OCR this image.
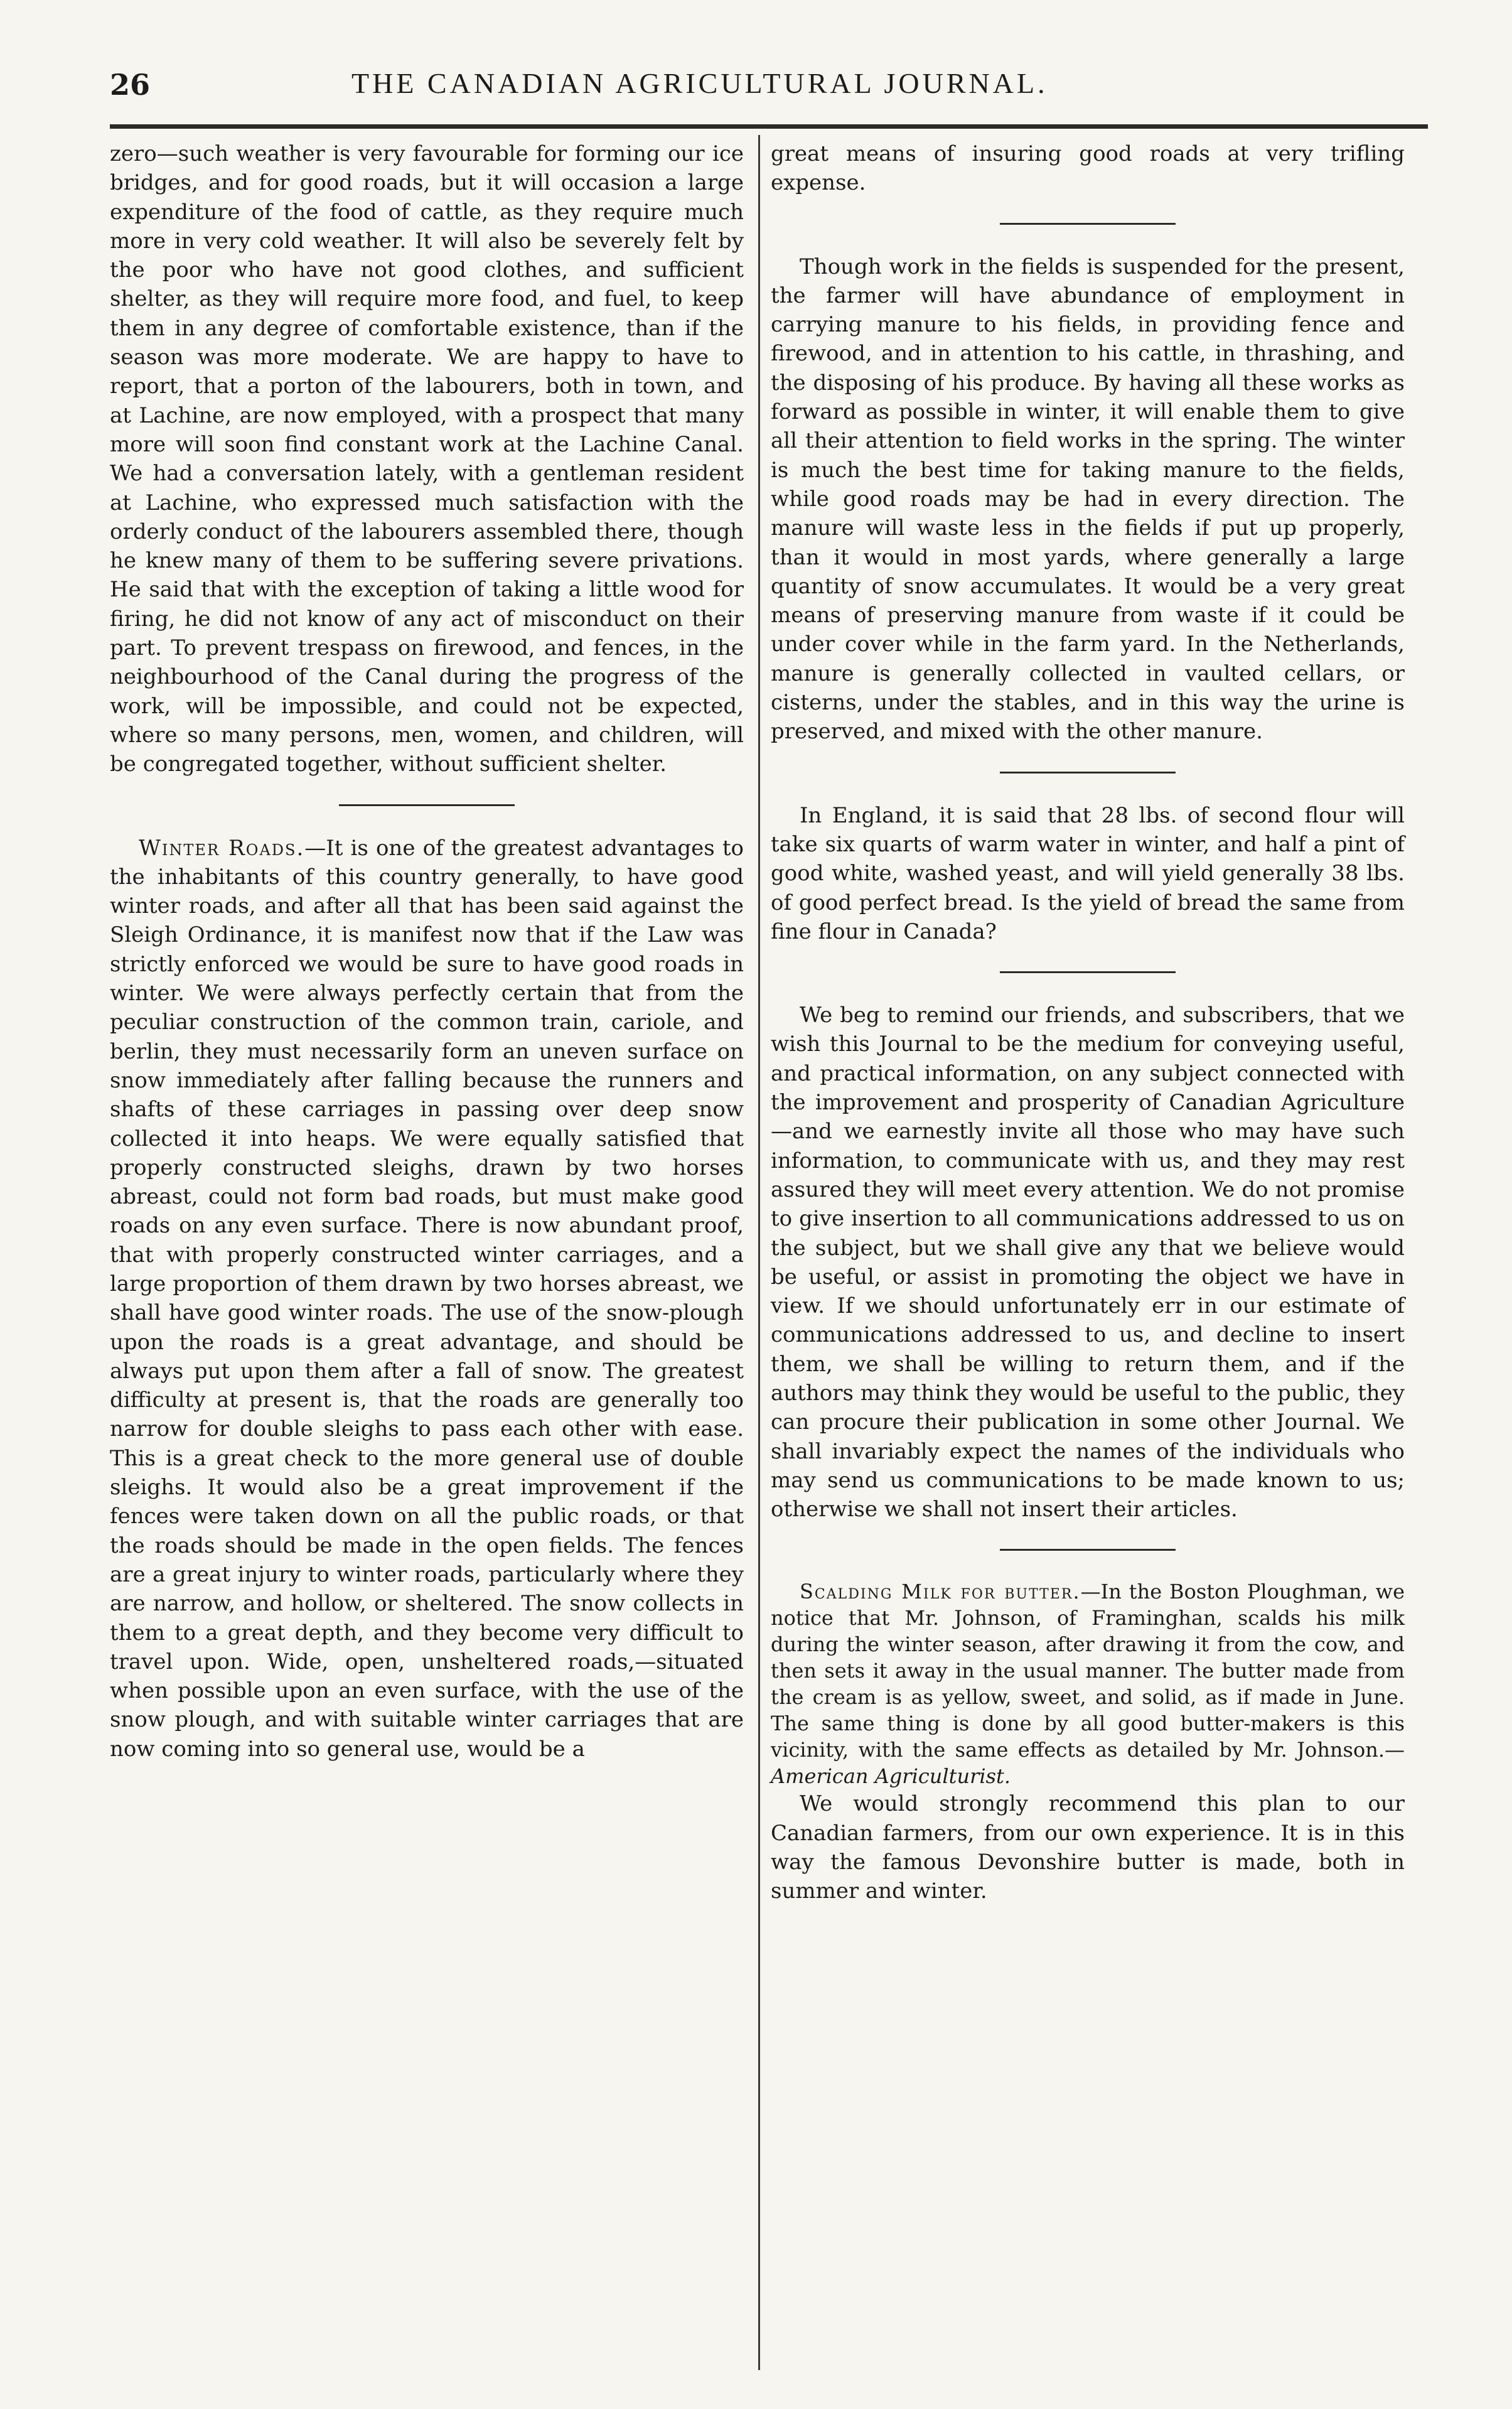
26	THE CANADIAN AGRICULTURAL JOURNAL.

zero—such weather is very favourable for forming our ice bridges, and for good roads, but it will occasion a large expenditure of the food of cattle, as they require much more in very cold weather. It will also be severely felt by the poor who have not good clothes, and sufficient shelter, as they will require more food, and fuel, to keep them in any degree of comfortable existence, than if the season was more moderate. We are happy to have to report, that a porton of the labourers, both in town, and at Lachine, are now employed, with a prospect that many more will soon find constant work at the Lachine Canal. We had a conversation lately, with a gentleman resident at Lachine, who expressed much satisfaction with the orderly conduct of the labourers assembled there, though he knew many of them to be suffering severe privations. He said that with the exception of taking a little wood for firing, he did not know of any act of misconduct on their part. To prevent trespass on firewood, and fences, in the neighbourhood of the Canal during the progress of the work, will be impossible, and could not be expected, where so many persons, men, women, and children, will be congregated together, without sufficient shelter.

Winter Roads.—It is one of the greatest advantages to the inhabitants of this country generally, to have good winter roads, and after all that has been said against the Sleigh Ordinance, it is manifest now that if the Law was strictly enforced we would be sure to have good roads in winter. We were always perfectly certain that from the peculiar construction of the common train, cariole, and berlin, they must necessarily form an uneven surface on snow immediately after falling because the runners and shafts of these carriages in passing over deep snow collected it into heaps. We were equally satisfied that properly constructed sleighs, drawn by two horses abreast, could not form bad roads, but must make good roads on any even surface. There is now abundant proof, that with properly constructed winter carriages, and a large proportion of them drawn by two horses abreast, we shall have good winter roads. The use of the snow-plough upon the roads is a great advantage, and should be always put upon them after a fall of snow. The greatest difficulty at present is, that the roads are generally too narrow for double sleighs to pass each other with ease. This is a great check to the more general use of double sleighs. It would also be a great improvement if the fences were taken down on all the public roads, or that the roads should be made in the open fields. The fences are a great injury to winter roads, particularly where they are narrow, and hollow, or sheltered. The snow collects in them to a great depth, and they become very difficult to travel upon. Wide, open, unsheltered roads,—situated when possible upon an even surface, with the use of the snow plough, and with suitable winter carriages that are now coming into so general use, would be a

great means of insuring good roads at very trifling expense.

Though work in the fields is suspended for the present, the farmer will have abundance of employment in carrying manure to his fields, in providing fence and firewood, and in attention to his cattle, in thrashing, and the disposing of his produce. By having all these works as forward as possible in winter, it will enable them to give all their attention to field works in the spring. The winter is much the best time for taking manure to the fields, while good roads may be had in every direction. The manure will waste less in the fields if put up properly, than it would in most yards, where generally a large quantity of snow accumulates. It would be a very great means of preserving manure from waste if it could be under cover while in the farm yard. In the Netherlands, manure is generally collected in vaulted cellars, or cisterns, under the stables, and in this way the urine is preserved, and mixed with the other manure.

In England, it is said that 28 lbs. of second flour will take six quarts of warm water in winter, and half a pint of good white, washed yeast, and will yield generally 38 lbs. of good perfect bread. Is the yield of bread the same from fine flour in Canada?

We beg to remind our friends, and subscribers, that we wish this Journal to be the medium for conveying useful, and practical information, on any subject connected with the improvement and prosperity of Canadian Agriculture—and we earnestly invite all those who may have such information, to communicate with us, and they may rest assured they will meet every attention. We do not promise to give insertion to all communications addressed to us on the subject, but we shall give any that we believe would be useful, or assist in promoting the object we have in view. If we should unfortunately err in our estimate of communications addressed to us, and decline to insert them, we shall be willing to return them, and if the authors may think they would be useful to the public, they can procure their publication in some other Journal. We shall invariably expect the names of the individuals who may send us communications to be made known to us; otherwise we shall not insert their articles.

Scalding Milk for butter.—In the Boston Ploughman, we notice that Mr. Johnson, of Framinghan, scalds his milk during the winter season, after drawing it from the cow, and then sets it away in the usual manner. The butter made from the cream is as yellow, sweet, and solid, as if made in June. The same thing is done by all good butter-makers is this vicinity, with the same effects as detailed by Mr. Johnson.—American Agriculturist.

We would strongly recommend this plan to our Canadian farmers, from our own experience. It is in this way the famous Devonshire butter is made, both in summer and winter.
